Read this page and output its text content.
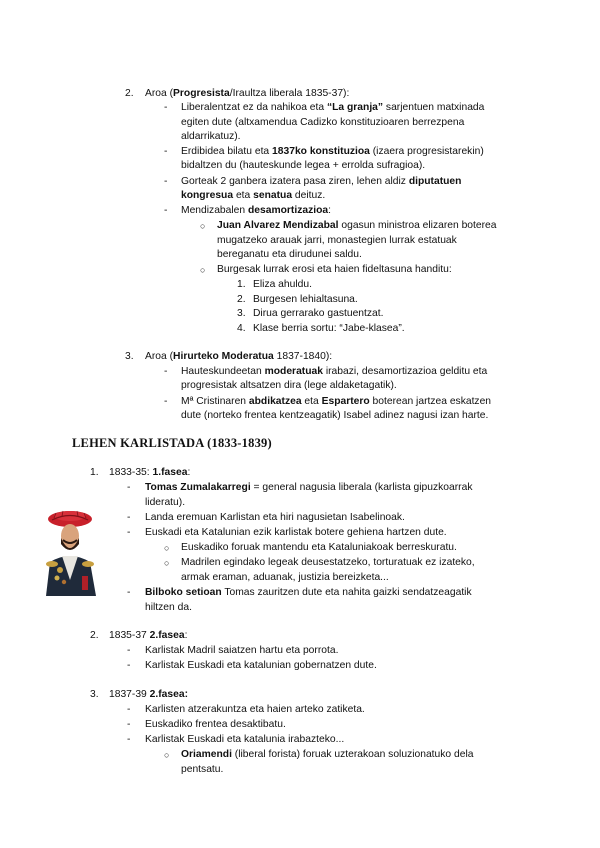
2. Aroa (Progresista/Iraultza liberala 1835-37):
- Liberalentzat ez da nahikoa eta “La granja” sarjentuen matxinada
egiten dute (altxamendua Cadizko konstituzioaren berrezpena
aldarrikatuz).
- Erdibidea bilatu eta 1837ko konstituzioa (izaera progresistarekin)
bidaltzen du (hauteskunde legea + errolda sufragioa).
- Gorteak 2 ganbera izatera pasa ziren, lehen aldiz diputatuen
kongresua eta senatua deituz.
- Mendizabalen desamortizazioa:
○ Juan Alvarez Mendizabal ogasun ministroa elizaren boterea
mugatzeko arauak jarri, monastegien lurrak estatuak
bereganatu eta dirudunei saldu.
○ Burgesak lurrak erosi eta haien fideltasuna handitu:
1. Eliza ahuldu.
2. Burgesen lehialtasuna.
3. Dirua gerrarako gastuentzat.
4. Klase berria sortu: “Jabe-klasea”.
3. Aroa (Hirurteko Moderatua 1837-1840):
- Hauteskundeetan moderatuak irabazi, desamortizazioa gelditu eta
progresistak altsatzen dira (lege aldaketagatik).
- Mª Cristinaren abdikatzea eta Espartero boterean jartzea eskatzen
dute (norteko frentea kentzeagatik) Isabel adinez nagusi izan harte.
LEHEN KARLISTADA (1833-1839)
1. 1833-35: 1.fasea:
- Tomas Zumalakarregi = general nagusia liberala (karlista gipuzkoarrak
lideratu).
- Landa eremuan Karlistan eta hiri nagusietan Isabelinoak.
- Euskadi eta Katalunian ezik karlistak botere gehiena hartzen dute.
○ Euskadiko foruak mantendu eta Kataluniakoak berreskuratu.
○ Madrilen egindako legeak deusestatzeko, torturatuak ez izateko,
armak eraman, aduanak, justizia bereizketa...
- Bilboko setioan Tomas zauritzen dute eta nahita gaizki sendatzeagatik
hiltzen da.
2. 1835-37 2.fasea:
- Karlistak Madril saiatzen hartu eta porrota.
- Karlistak Euskadi eta katalunian gobernatzen dute.
3. 1837-39 2.fasea:
- Karlisten atzerakuntza eta haien arteko zatiketa.
- Euskadiko frentea desaktibatu.
- Karlistak Euskadi eta katalunia irabazteko...
○ Oriamendi (liberal forista) foruak uzterakoan soluzionatuko dela
pentsatu.
